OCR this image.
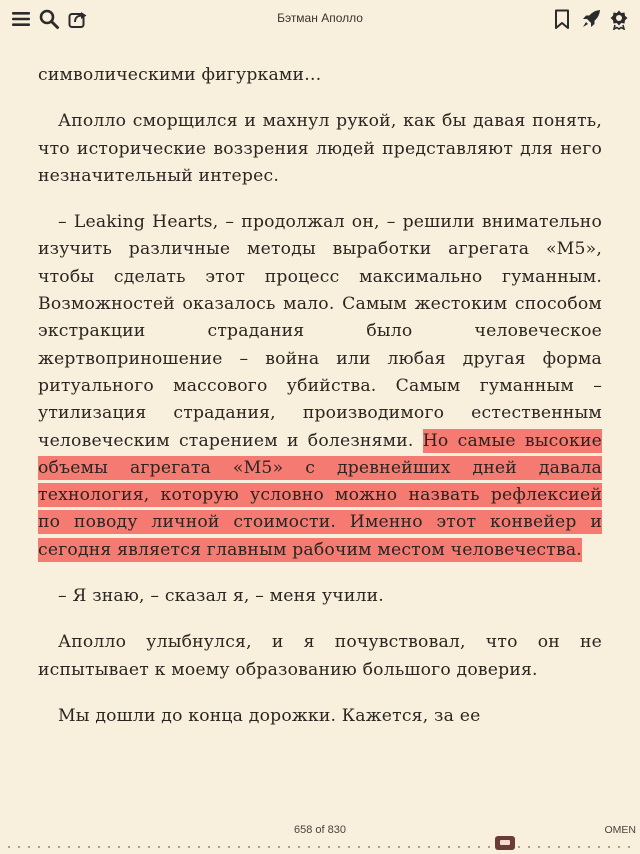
Бэтман Аполло

символическими фигурками…

Аполло сморщился и махнул рукой, как бы давая понять, что исторические воззрения людей представляют для него незначительный интерес.

– Leaking Hearts, – продолжал он, – решили внимательно изучить различные методы выработки агрегата «M5», чтобы сделать этот процесс максимально гуманным. Возможностей оказалось мало. Самым жестоким способом экстракции страдания было человеческое жертвоприношение – война или любая другая форма ритуального массового убийства. Самым гуманным – утилизация страдания, производимого естественным человеческим старением и болезнями. Но самые высокие объемы агрегата «M5» с древнейших дней давала технология, которую условно можно назвать рефлексией по поводу личной стоимости. Именно этот конвейер и сегодня является главным рабочим местом человечества.

– Я знаю, – сказал я, – меня учили.

Аполло улыбнулся, и я почувствовал, что он не испытывает к моему образованию большого доверия.

Мы дошли до конца дорожки. Кажется, за ее

658 of 830	OMEN
